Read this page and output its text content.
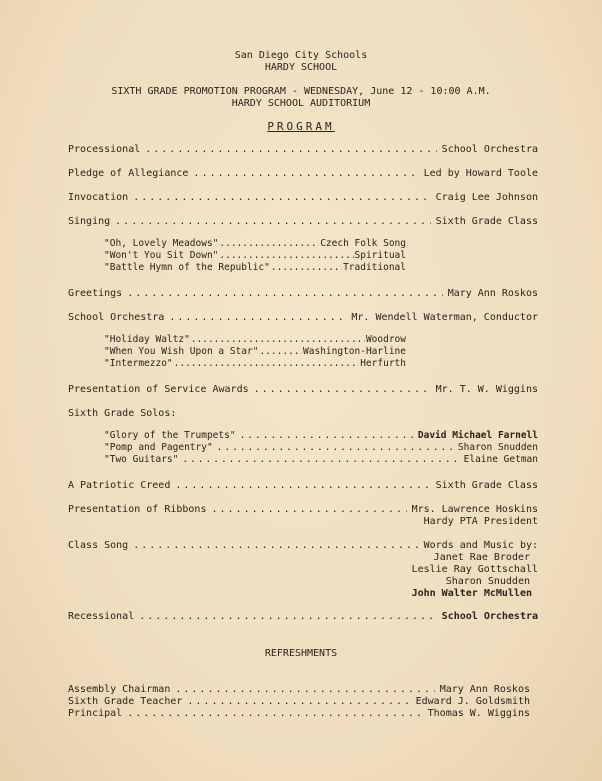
San Diego City Schools
HARDY SCHOOL
SIXTH GRADE PROMOTION PROGRAM - WEDNESDAY, June 12 - 10:00 A.M.
HARDY SCHOOL AUDITORIUM
PROGRAM
Processional .....	School Orchestra
Pledge of Allegiance .....	Led by Howard Toole
Invocation .....	Craig Lee Johnson
Singing .....	Sixth Grade Class
"Oh, Lovely Meadows" .....	Czech Folk Song
"Won't You Sit Down" .....	Spiritual
"Battle Hymn of the Republic" .....	Traditional
Greetings .....	Mary Ann Roskos
School Orchestra .....	Mr. Wendell Waterman, Conductor
"Holiday Waltz" .....	Woodrow
"When You Wish Upon a Star" .....	Washington-Harline
"Intermezzo" .....	Herfurth
Presentation of Service Awards .....	Mr. T. W. Wiggins
Sixth Grade Solos:
"Glory of the Trumpets" .....	David Michael Farnell
"Pomp and Pagentry" .....	Sharon Snudden
"Two Guitars" .....	Elaine Getman
A Patriotic Creed .....	Sixth Grade Class
Presentation of Ribbons .....	Mrs. Lawrence Hoskins
Hardy PTA President
Class Song .....	Words and Music by:
Janet Rae Broder
Leslie Ray Gottschall
Sharon Snudden
John Walter McMullen
Recessional .....	School Orchestra
REFRESHMENTS
Assembly Chairman .....	Mary Ann Roskos
Sixth Grade Teacher .....	Edward J. Goldsmith
Principal .....	Thomas W. Wiggins
